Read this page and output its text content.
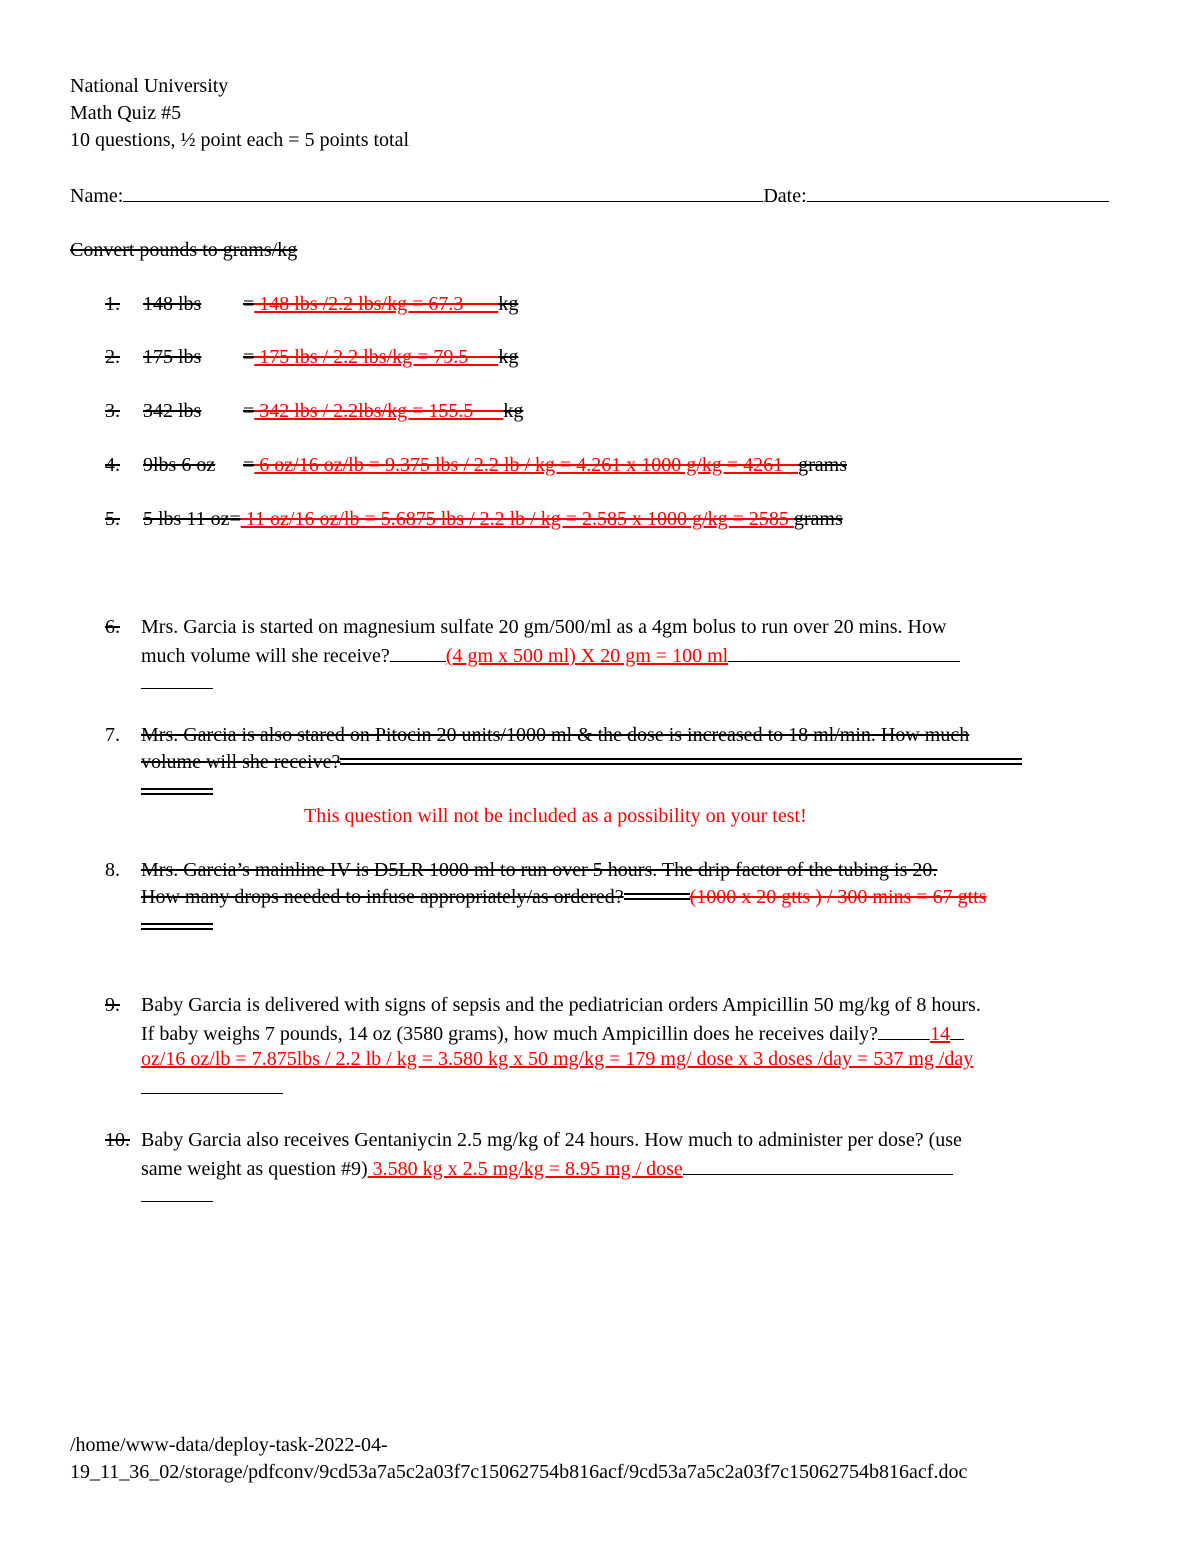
National University
Math Quiz #5
10 questions, ½ point each = 5 points total
Name:	Date:
Convert pounds to grams/kg
1. 148 lbs = 148 lbs /2.2 lbs/kg = 67.3       kg
2. 175 lbs = 175 lbs / 2.2 lbs/kg = 79.5      kg
3. 342 lbs = 342 lbs / 2.2lbs/kg = 155.5      kg
4. 9lbs 6 oz = 6 oz/16 oz/lb = 9.375 lbs / 2.2 lb / kg = 4.261 x 1000 g/kg = 4261   grams
5. 5 lbs 11 oz= 11 oz/16 oz/lb = 5.6875 lbs / 2.2 lb / kg = 2.585 x 1000 g/kg = 2585 grams
6. Mrs. Garcia is started on magnesium sulfate 20 gm/500/ml as a 4gm bolus to run over 20 mins. How
much volume will she receive?	(4 gm x 500 ml) X 20 gm = 100 ml
7. Mrs. Garcia is also stared on Pitocin 20 units/1000 ml & the dose is increased to 18 ml/min. How much
volume will she receive?
This question will not be included as a possibility on your test!
8. Mrs. Garcia’s mainline IV is D5LR 1000 ml to run over 5 hours. The drip factor of the tubing is 20.
How many drops needed to infuse appropriately/as ordered?	(1000 x 20 gtts ) / 300 mins = 67 gtts
9. Baby Garcia is delivered with signs of sepsis and the pediatrician orders Ampicillin 50 mg/kg of 8 hours.
If baby weighs 7 pounds, 14 oz (3580 grams), how much Ampicillin does he receives daily?	14
oz/16 oz/lb = 7.875lbs / 2.2 lb / kg = 3.580 kg x 50 mg/kg = 179 mg/ dose x 3 doses /day = 537 mg /day
10. Baby Garcia also receives Gentaniycin 2.5 mg/kg of 24 hours. How much to administer per dose? (use
same weight as question #9) 3.580 kg x 2.5 mg/kg = 8.95 mg / dose
/home/www-data/deploy-task-2022-04-
19_11_36_02/storage/pdfconv/9cd53a7a5c2a03f7c15062754b816acf/9cd53a7a5c2a03f7c15062754b816acf.doc
